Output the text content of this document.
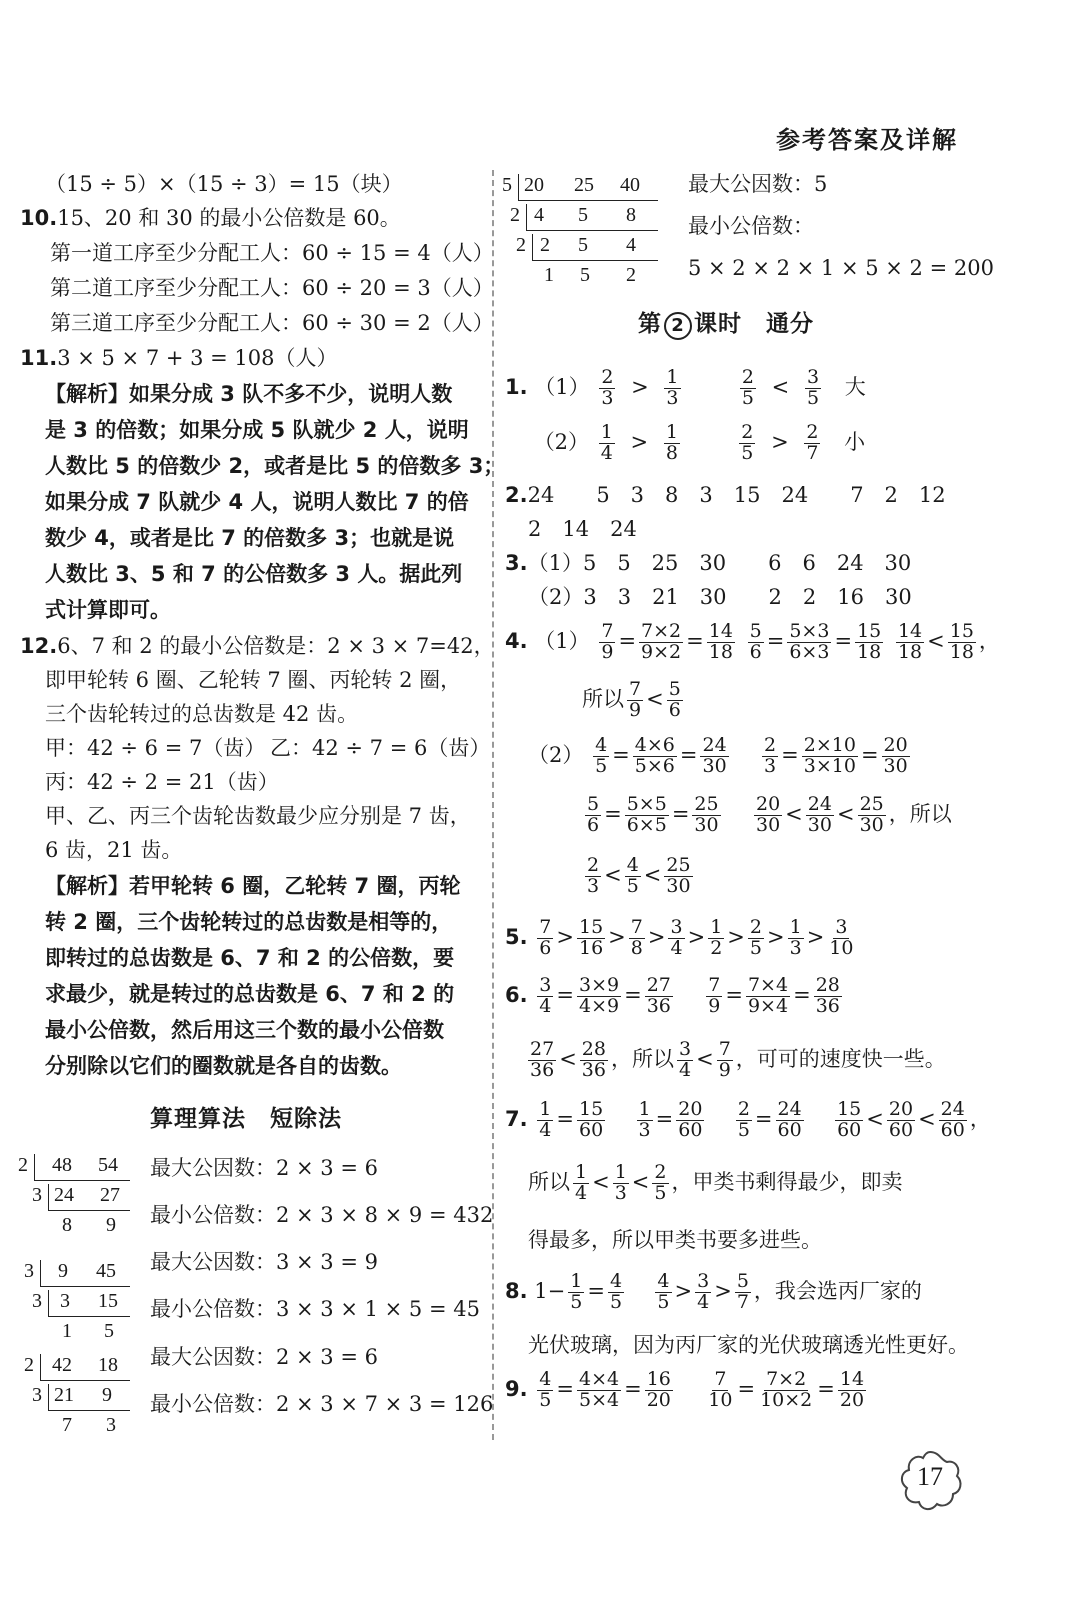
参考答案及详解
（15 ÷ 5）×（15 ÷ 3）= 15（块）
10.15、20 和 30 的最小公倍数是 60。
第一道工序至少分配工人：60 ÷ 15 = 4（人）
第二道工序至少分配工人：60 ÷ 20 = 3（人）
第三道工序至少分配工人：60 ÷ 30 = 2（人）
11.3 × 5 × 7 + 3 = 108（人）
【解析】如果分成 3 队不多不少，说明人数
是 3 的倍数；如果分成 5 队就少 2 人，说明
人数比 5 的倍数少 2，或者是比 5 的倍数多 3；
如果分成 7 队就少 4 人，说明人数比 7 的倍
数少 4，或者是比 7 的倍数多 3；也就是说
人数比 3、5 和 7 的公倍数多 3 人。据此列
式计算即可。
12.6、7 和 2 的最小公倍数是：2 × 3 × 7=42，
即甲轮转 6 圈、乙轮转 7 圈、丙轮转 2 圈，
三个齿轮转过的总齿数是 42 齿。
甲：42 ÷ 6 = 7（齿） 乙：42 ÷ 7 = 6（齿）
丙：42 ÷ 2 = 21（齿）
甲、乙、丙三个齿轮齿数最少应分别是 7 齿，
6 齿，21 齿。
【解析】若甲轮转 6 圈，乙轮转 7 圈，丙轮
转 2 圈，三个齿轮转过的总齿数是相等的，
即转过的总齿数是 6、7 和 2 的公倍数，要
求最少，就是转过的总齿数是 6、7 和 2 的
最小公倍数，然后用这三个数的最小公倍数
分别除以它们的圈数就是各自的齿数。
算理算法　短除法
2 48 54
3 24 27
8 9
最大公因数：2 × 3 = 6
最小公倍数：2 × 3 × 8 × 9 = 432
3 9 45
3 3 15
1 5
最大公因数：3 × 3 = 9
最小公倍数：3 × 3 × 1 × 5 = 45
2 42 18
3 21 9
7 3
最大公因数：2 × 3 = 6
最小公倍数：2 × 3 × 7 × 3 = 126
5 20 25 40
2 4 5 8
2 2 5 4
1 5 2
最大公因数：5
最小公倍数：
5 × 2 × 2 × 1 × 5 × 2 = 200
第 2 课时　通分
1. $(1) \frac{2}{3} > \frac{1}{3}$
	$\frac{2}{5} < \frac{3}{5}$ 大
$(2) \frac{1}{4} > \frac{1}{8}$
	$\frac{2}{5} > \frac{2}{7}$ 小
2.24　　5　3　8　3　15　24　　7　2　12
2　14　24
3.（1）5　5　25　30　　6　6　24　30
（2）3　3　21　30　　2　2　16　30
4. $(1) \frac{7}{9} = \frac{7\times 2}{9\times 2} = \frac{14}{18}$
$\frac{5}{6} = \frac{5\times 3}{6\times 3} = \frac{15}{18}$
$\frac{14}{18} < \frac{15}{18}$ ，
所以 $\frac{7}{9} < \frac{5}{6}$
$(2) \frac{4}{5} = \frac{4\times 6}{5\times 6} = \frac{24}{30}$
$\frac{2}{3} = \frac{2\times 10}{3\times 10} = \frac{20}{30}$
$\frac{5}{6} = \frac{5\times 5}{6\times 5} = \frac{25}{30}$
$\frac{20}{30} < \frac{24}{30} < \frac{25}{30}$ ，所以
$\frac{2}{3} < \frac{4}{5} < \frac{25}{30}$
5. $\frac{7}{6} > \frac{15}{16} > \frac{7}{8} > \frac{3}{4} > \frac{1}{2} > \frac{2}{5} > \frac{1}{3} > \frac{3}{10}$
6. $\frac{3}{4} = \frac{3\times 9}{4\times 9} = \frac{27}{36}$
$\frac{7}{9} = \frac{7\times 4}{9\times 4} = \frac{28}{36}$
$\frac{27}{36} < \frac{28}{36}$ ，所以 $\frac{3}{4} < \frac{7}{9}$ ，可可的速度快一些。
7. $\frac{1}{4} = \frac{15}{60}$
$\frac{1}{3} = \frac{20}{60}$
$\frac{2}{5} = \frac{24}{60}$
$\frac{15}{60} < \frac{20}{60} < \frac{24}{60}$ ，
所以 $\frac{1}{4} < \frac{1}{3} < \frac{2}{5}$ ，甲类书剩得最少，即卖
得最多，所以甲类书要多进些。
8. $1- \frac{1}{5} = \frac{4}{5}$
$\frac{4}{5} > \frac{3}{4} > \frac{5}{7}$ ，我会选丙厂家的
光伏玻璃，因为丙厂家的光伏玻璃透光性更好。
9. $\frac{4}{5} = \frac{4\times 4}{5\times 4} = \frac{16}{20}$
$\frac{7}{10} = \frac{7\times 2}{10\times 2} = \frac{14}{20}$
17
